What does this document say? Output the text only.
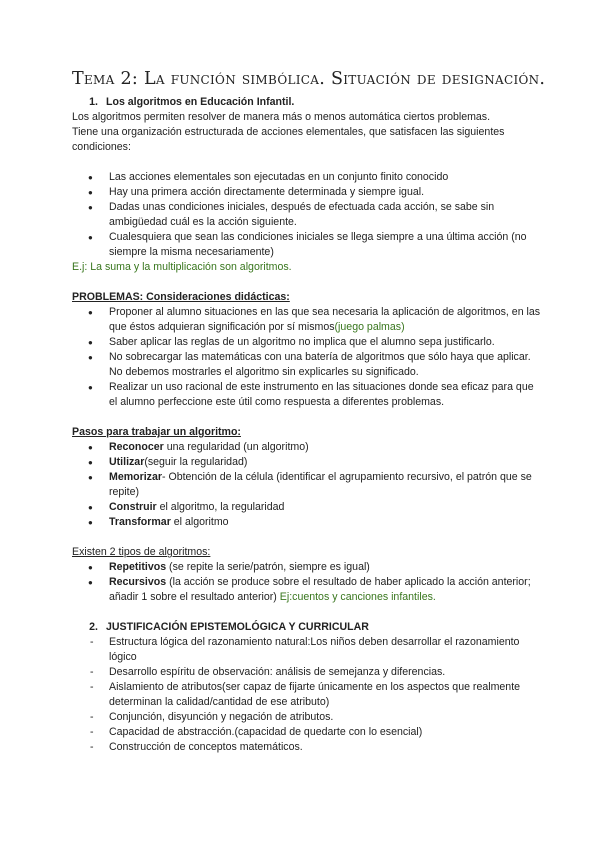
Tema 2: La función simbólica. Situación de designación.

1. Los algoritmos en Educación Infantil.

Los algoritmos permiten resolver de manera más o menos automática ciertos problemas.

Tiene una organización estructurada de acciones elementales, que satisfacen las siguientes condiciones:

● Las acciones elementales son ejecutadas en un conjunto finito conocido
● Hay una primera acción directamente determinada y siempre igual.
● Dadas unas condiciones iniciales, después de efectuada cada acción, se sabe sin ambigüedad cuál es la acción siguiente.
● Cualesquiera que sean las condiciones iniciales se llega siempre a una última acción (no siempre la misma necesariamente)

E.j: La suma y la multiplicación son algoritmos.

PROBLEMAS: Consideraciones didácticas:

● Proponer al alumno situaciones en las que sea necesaria la aplicación de algoritmos, en las que éstos adquieran significación por sí mismos(juego palmas)
● Saber aplicar las reglas de un algoritmo no implica que el alumno sepa justificarlo.
● No sobrecargar las matemáticas con una batería de algoritmos que sólo haya que aplicar. No debemos mostrarles el algoritmo sin explicarles su significado.
● Realizar un uso racional de este instrumento en las situaciones donde sea eficaz para que el alumno perfeccione este útil como respuesta a diferentes problemas.

Pasos para trabajar un algoritmo:

● Reconocer una regularidad (un algoritmo)
● Utilizar(seguir la regularidad)
● Memorizar- Obtención de la célula (identificar el agrupamiento recursivo, el patrón que se repite)
● Construir el algoritmo, la regularidad
● Transformar el algoritmo

Existen 2 tipos de algoritmos:

● Repetitivos (se repite la serie/patrón, siempre es igual)
● Recursivos (la acción se produce sobre el resultado de haber aplicado la acción anterior; añadir 1 sobre el resultado anterior) Ej:cuentos y canciones infantiles.

2. JUSTIFICACIÓN EPISTEMOLÓGICA Y CURRICULAR

- Estructura lógica del razonamiento natural:Los niños deben desarrollar el razonamiento lógico
- Desarrollo espíritu de observación: análisis de semejanza y diferencias.
- Aislamiento de atributos(ser capaz de fijarte únicamente en los aspectos que realmente determinan la calidad/cantidad de ese atributo)
- Conjunción, disyunción y negación de atributos.
- Capacidad de abstracción.(capacidad de quedarte con lo esencial)
- Construcción de conceptos matemáticos.
